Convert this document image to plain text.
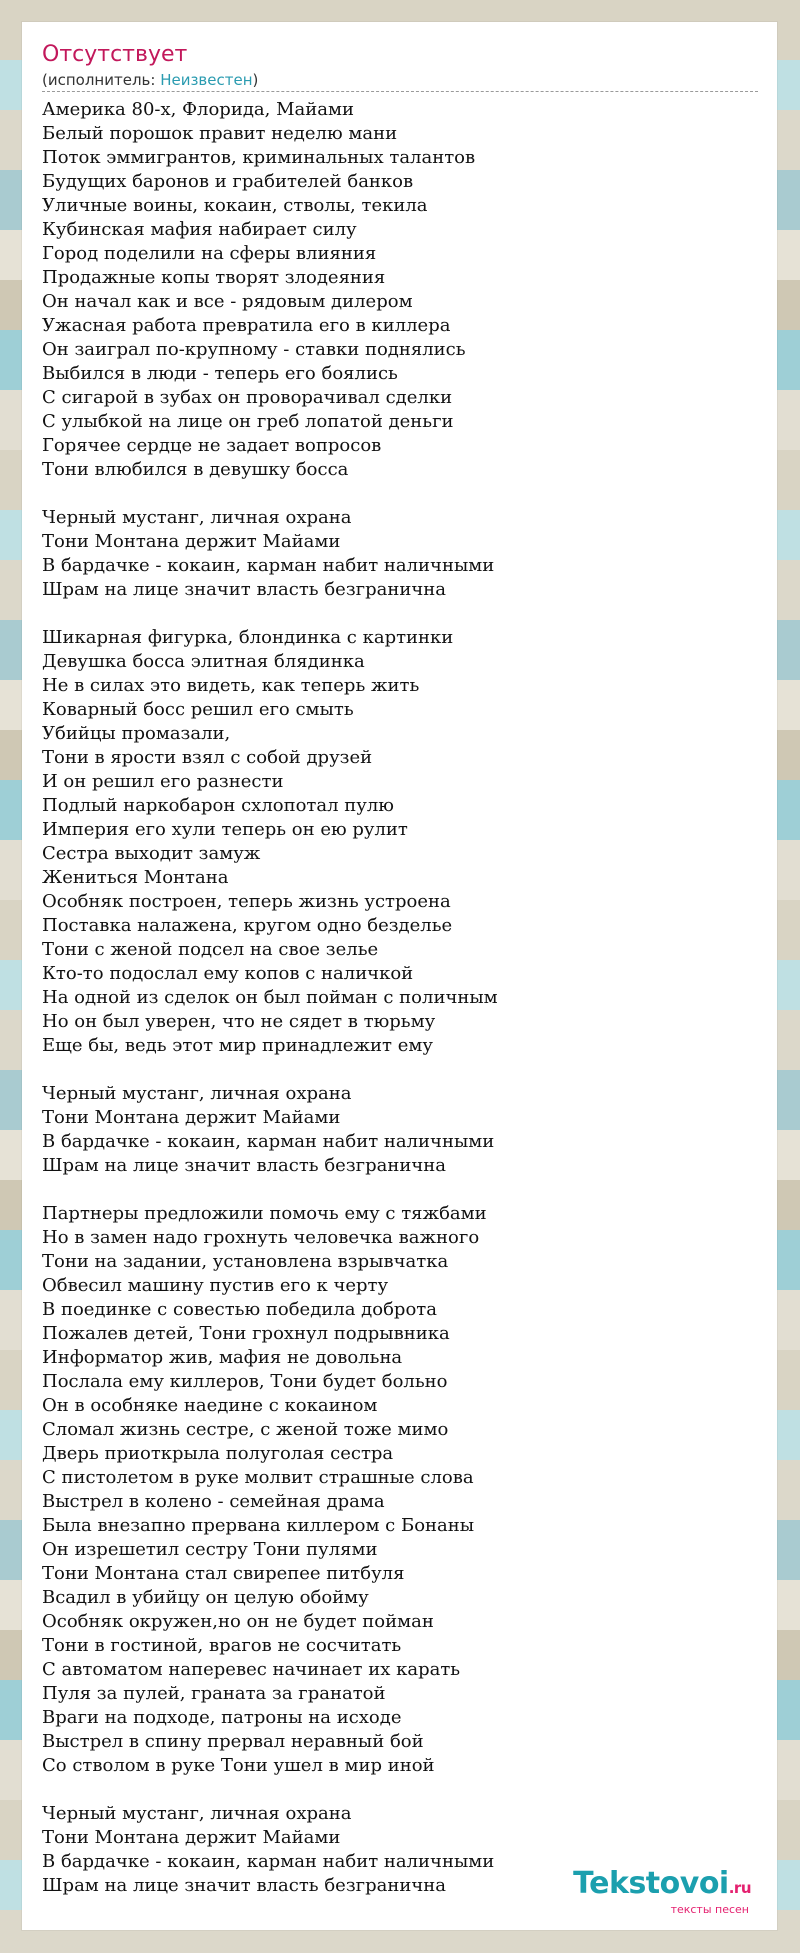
Отсутствует
(исполнитель: Неизвестен)
Америка 80-х, Флорида, Майами
Белый порошок правит неделю мани
Поток эммигрантов, криминальных талантов
Будущих баронов и грабителей банков
Уличные воины, кокаин, стволы, текила
Кубинская мафия набирает силу
Город поделили на сферы влияния
Продажные копы творят злодеяния
Он начал как и все - рядовым дилером
Ужасная работа превратила его в киллера
Он заиграл по-крупному - ставки поднялись
Выбился в люди - теперь его боялись
С сигарой в зубах он проворачивал сделки
С улыбкой на лице он греб лопатой деньги
Горячее сердце не задает вопросов
Тони влюбился в девушку босса
Черный мустанг, личная охрана
Тони Монтана держит Майами
В бардачке - кокаин, карман набит наличными
Шрам на лице значит власть безгранична
Шикарная фигурка, блондинка с картинки
Девушка босса элитная блядинка
Не в силах это видеть, как теперь жить
Коварный босс решил его смыть
Убийцы промазали,
Тони в ярости взял с собой друзей
И он решил его разнести
Подлый наркобарон схлопотал пулю
Империя его хули теперь он ею рулит
Сестра выходит замуж
Жениться Монтана
Особняк построен, теперь жизнь устроена
Поставка налажена, кругом одно безделье
Тони с женой подсел на свое зелье
Кто-то подослал ему копов с наличкой
На одной из сделок он был пойман с поличным
Но он был уверен, что не сядет в тюрьму
Еще бы, ведь этот мир принадлежит ему
Черный мустанг, личная охрана
Тони Монтана держит Майами
В бардачке - кокаин, карман набит наличными
Шрам на лице значит власть безгранична
Партнеры предложили помочь ему с тяжбами
Но в замен надо грохнуть человечка важного
Тони на задании, установлена взрывчатка
Обвесил машину пустив его к черту
В поединке с совестью победила доброта
Пожалев детей, Тони грохнул подрывника
Информатор жив, мафия не довольна
Послала ему киллеров, Тони будет больно
Он в особняке наедине с кокаином
Сломал жизнь сестре, с женой тоже мимо
Дверь приоткрыла полуголая сестра
С пистолетом в руке молвит страшные слова
Выстрел в колено - семейная драма
Была внезапно прервана киллером с Бонаны
Он изрешетил сестру Тони пулями
Тони Монтана стал свирепее питбуля
Всадил в убийцу он целую обойму
Особняк окружен,но он не будет пойман
Тони в гостиной, врагов не сосчитать
С автоматом наперевес начинает их карать
Пуля за пулей, граната за гранатой
Враги на подходе, патроны на исходе
Выстрел в спину прервал неравный бой
Со стволом в руке Тони ушел в мир иной
Черный мустанг, личная охрана
Тони Монтана держит Майами
В бардачке - кокаин, карман набит наличными
Шрам на лице значит власть безгранична	Tekstovoi.ru
тексты песен
